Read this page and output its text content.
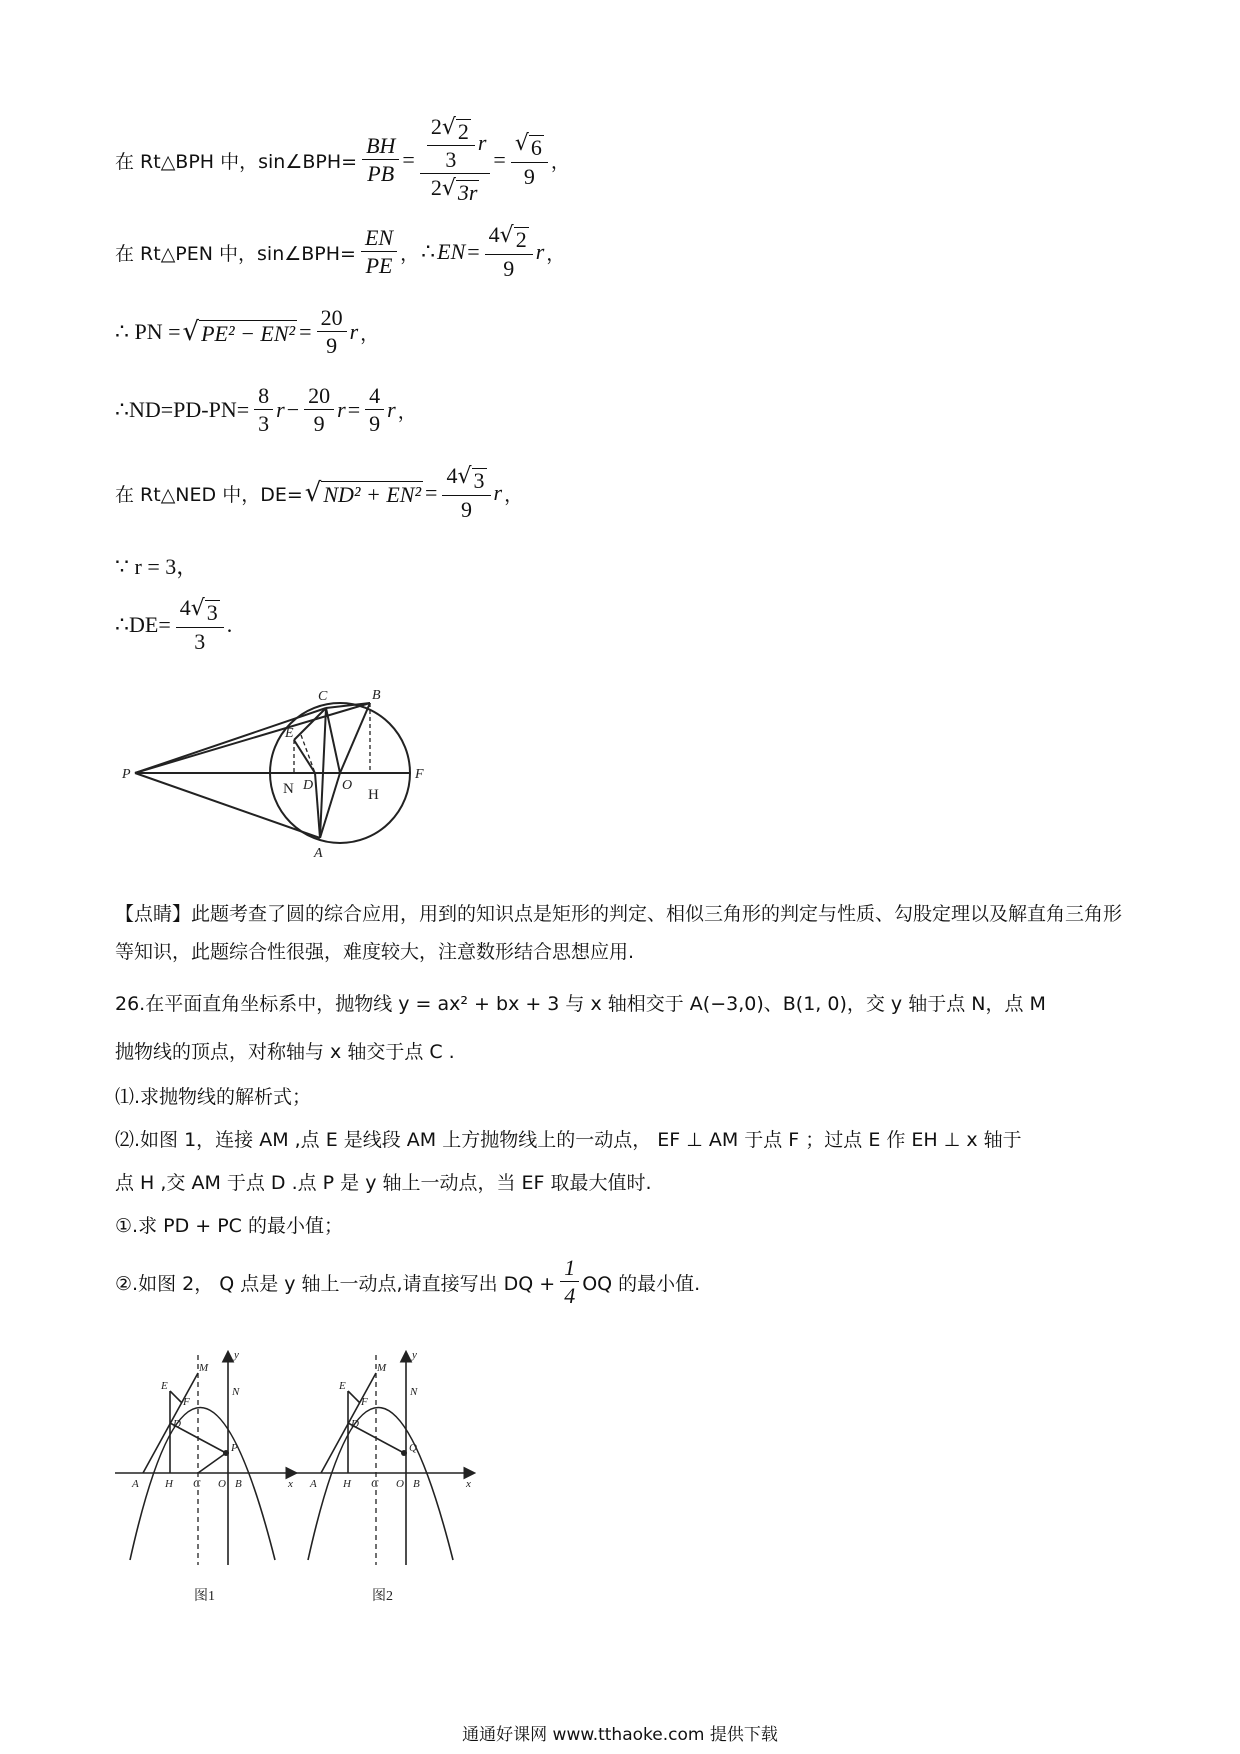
在 Rt△BPH 中，sin∠BPH= $\frac{BH}{PB} = \frac{\frac{2 √ 2}{3} r}{2 √ 3r} = \frac{√ 6}{9}$ ，
在 Rt△PEN 中，sin∠BPH= $\frac{EN}{PE}$ ， ∴ EN = $\frac{4 √ 2}{9}$ r ，
∴ PN = √ $PE^2 - EN^2 = \frac{20}{9}$ r ，
∴ND=PD-PN= $\frac{8}{3}$ $r - \frac{20}{9}$ $r = \frac{4}{9}$ r ，
在 Rt△NED 中，DE= √ $ND^2 + EN^2 = \frac{4 √ 3}{9}$ r ，
∵ r = 3，
∴DE= $\frac{4 √ 3}{3}$ .
P
C	B
E
D O
F
A
N	H
【点睛】此题考查了圆的综合应用，用到的知识点是矩形的判定、相似三角形的判定与性质、勾股定理以及解直角三角形等知识，此题综合性很强，难度较大，注意数形结合思想应用.
26.在平面直角坐标系中，抛物线 y = ax² + bx + 3 与 x 轴相交于 A(−3,0)、B(1, 0)，交 y 轴于点 N，点 M
抛物线的顶点，对称轴与 x 轴交于点 C .
⑴.求抛物线的解析式；
⑵.如图 1，连接 AM ,点 E 是线段 AM 上方抛物线上的一动点， EF ⊥ AM 于点 F ；过点 E 作 EH ⊥ x 轴于
点 H ,交 AM 于点 D .点 P 是 y 轴上一动点，当 EF 取最大值时.
①.求 PD + PC 的最小值；
②.如图 2， Q 点是 y 轴上一动点,请直接写出 DQ + $\frac{1}{4}$ OQ 的最小值.
A H C O B	x
y
M
N
E
F
D
P
图1
A H C O B	x
y
M
N
E
F
D
Q
图2
通通好课网 www.tthaoke.com 提供下载
